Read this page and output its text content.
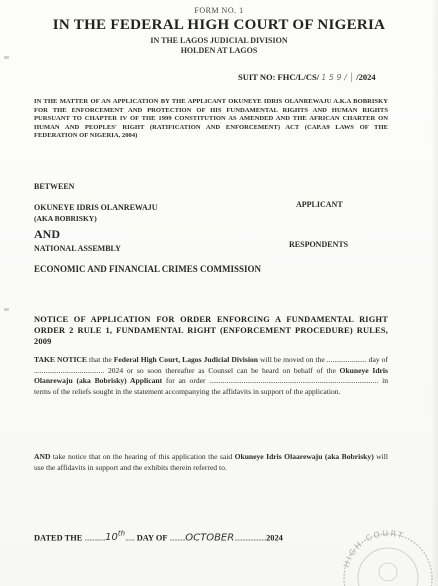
FORM NO. 1
IN THE FEDERAL HIGH COURT OF NIGERIA
IN THE LAGOS JUDICIAL DIVISION
HOLDEN AT LAGOS
SUIT NO: FHC/L/CS/ 1 5 9 / │ /2024
IN THE MATTER OF AN APPLICATION BY THE APPLICANT OKUNEYE IDRIS OLANREWAJU A.K.A BOBRISKY FOR THE ENFORCEMENT AND PROTECTION OF HIS FUNDAMENTAL RIGHTS AND HUMAN RIGHTS PURSUANT TO CHAPTER IV OF THE 1999 CONSTITUTION AS AMENDED AND THE AFRICAN CHARTER ON HUMAN AND PEOPLES' RIGHT (RATIFICATION AND ENFORCEMENT) ACT (CAP.A9 LAWS OF THE FEDERATION OF NIGERIA, 2004)
BETWEEN
OKUNEYE IDRIS OLANREWAJU
(AKA BOBRISKY)
APPLICANT
AND
NATIONAL ASSEMBLY	RESPONDENTS
ECONOMIC AND FINANCIAL CRIMES COMMISSION
NOTICE OF APPLICATION FOR ORDER ENFORCING A FUNDAMENTAL RIGHT ORDER 2 RULE 1, FUNDAMENTAL RIGHT (ENFORCEMENT PROCEDURE) RULES, 2009
TAKE NOTICE that the Federal High Court, Lagos Judicial Division will be moved on the ..................... day of ..................................... 2024 or so soon thereafter as Counsel can be heard on behalf of the Okuneye Idris Olanrewaju (aka Bobrisky) Applicant for an order ......................................................................................... in terms of the reliefs sought in the statement accompanying the affidavits in support of the application.
AND take notice that on the hearing of this application the said Okuneye Idris Olaarewaju (aka Bobrisky) will use the affidavits in support and the exhibits therein referred to.
DATED THE .............10th...... DAY OF ..........OCTOBER....................2024
HIGH COURT
